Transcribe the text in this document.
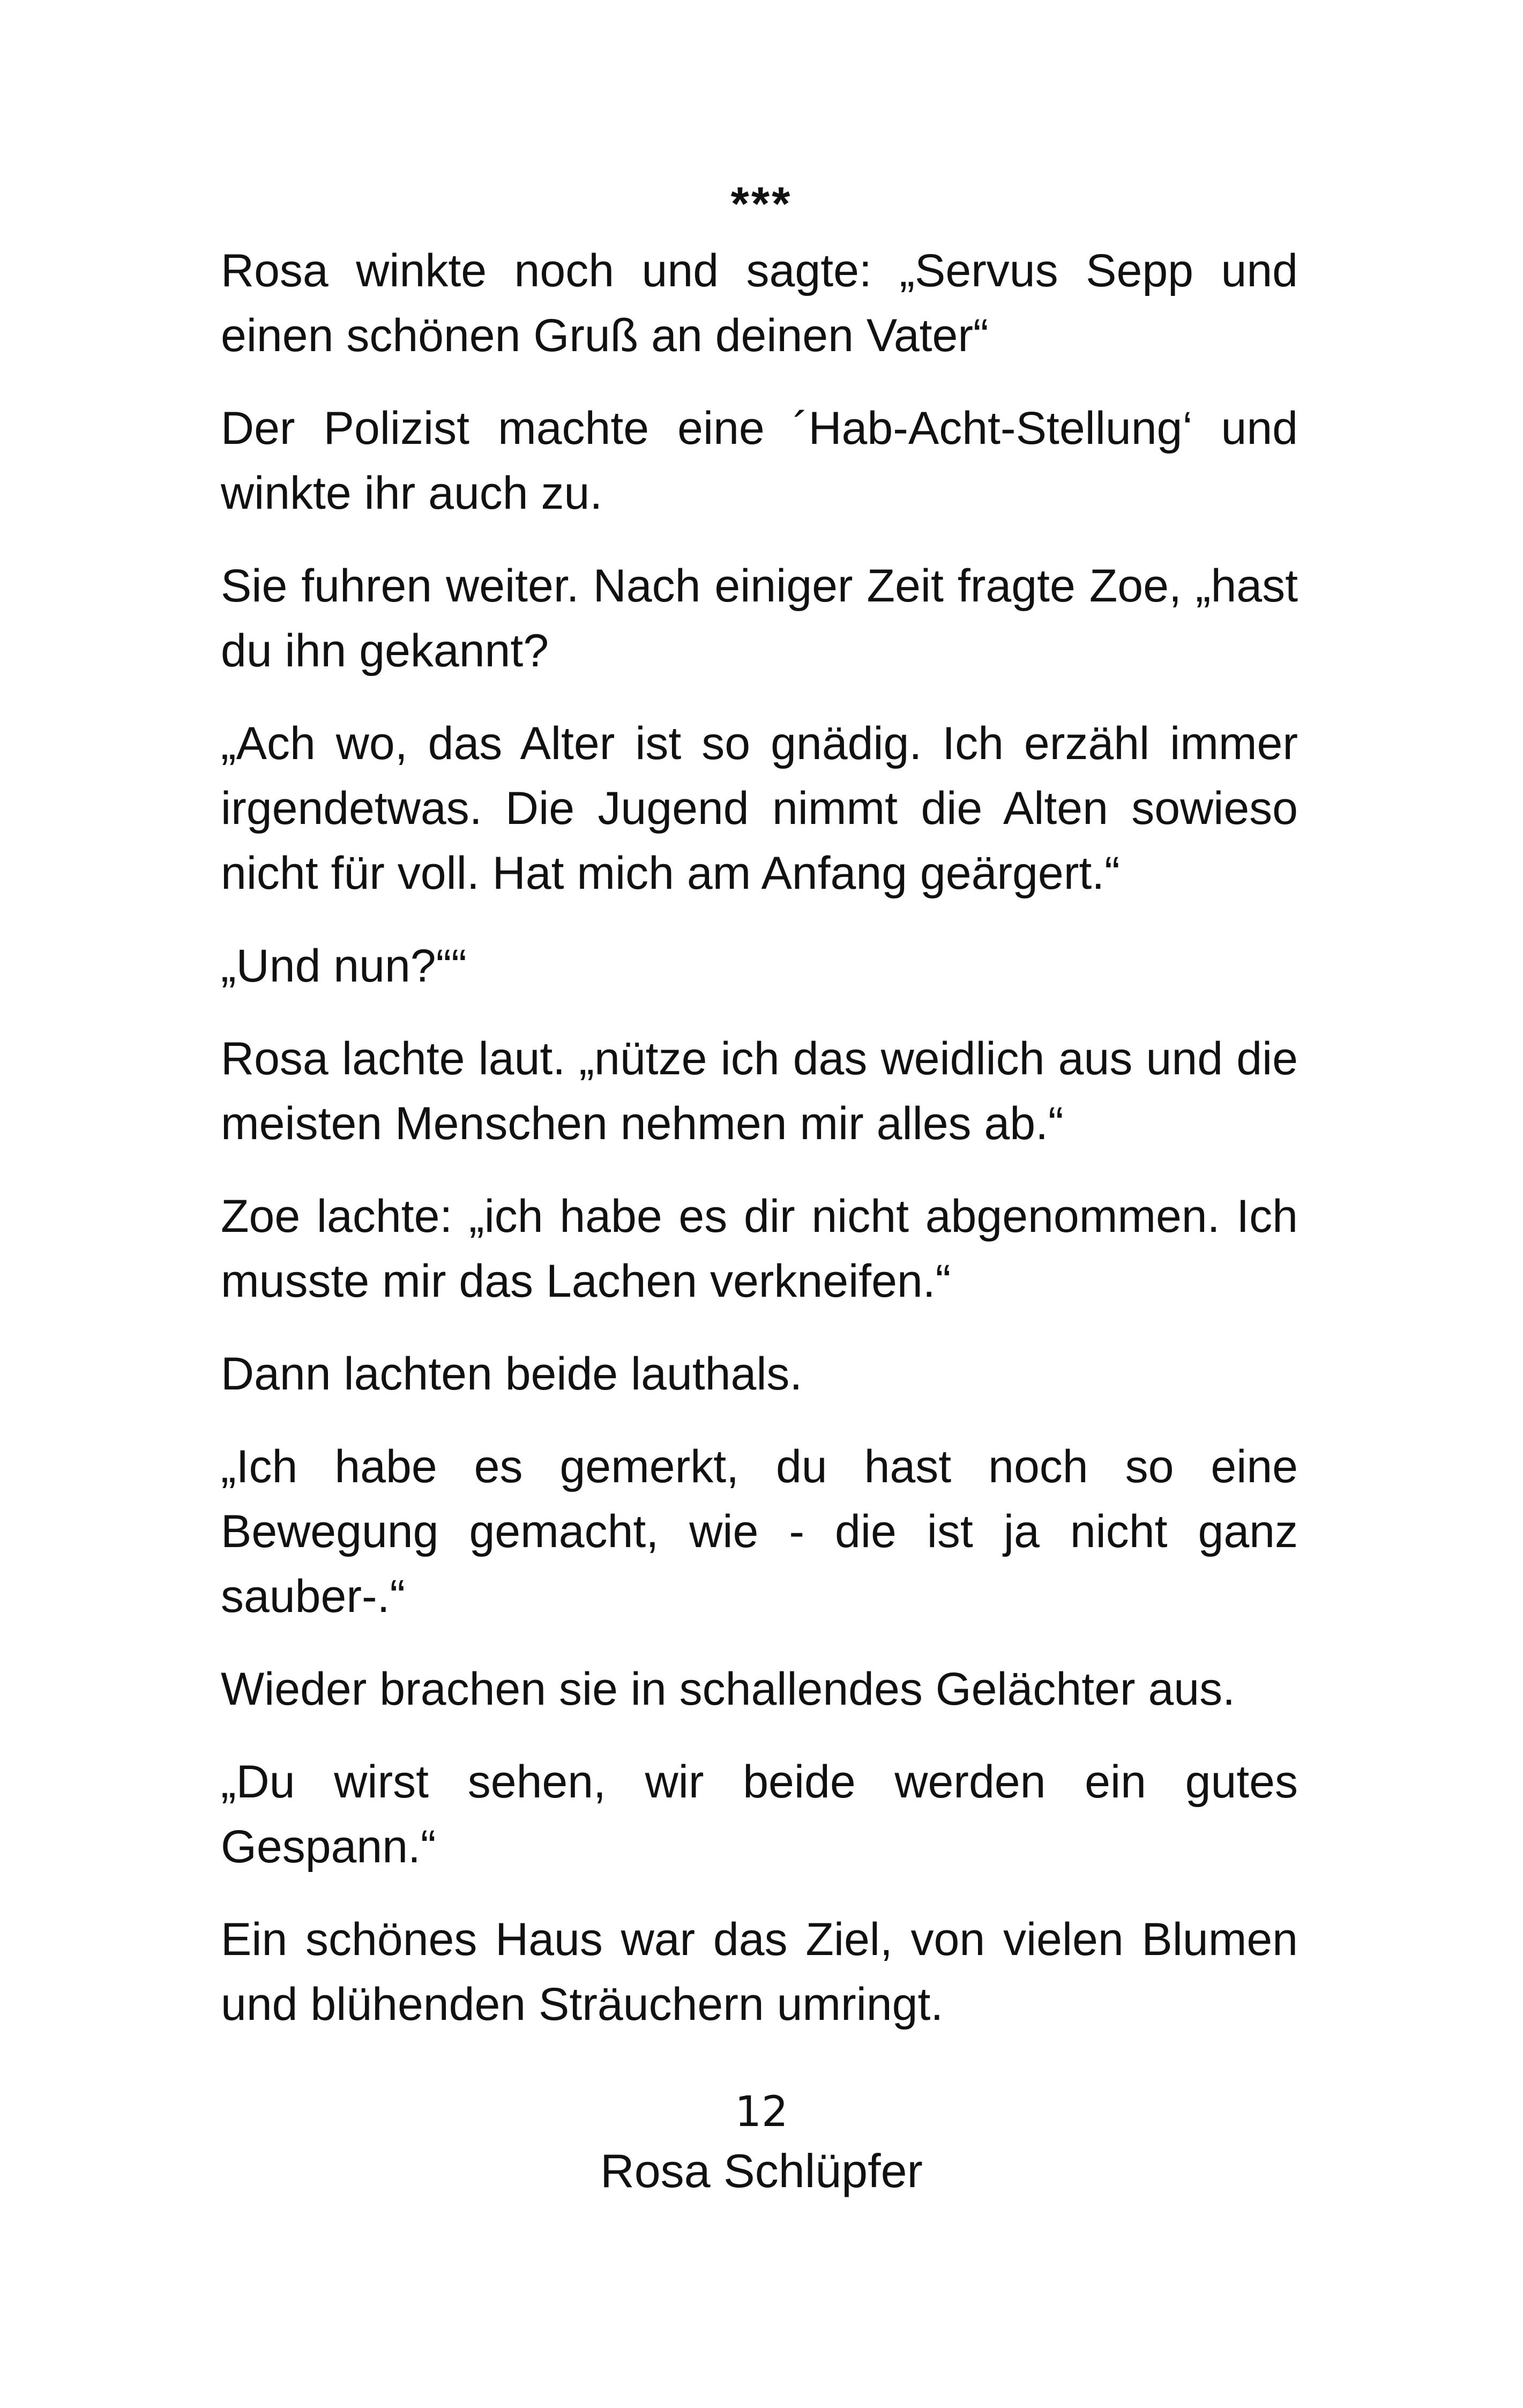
***

Rosa winkte noch und sagte: „Servus Sepp und einen schönen Gruß an deinen Vater“

Der Polizist machte eine ´Hab-Acht-Stellung‘ und winkte ihr auch zu.

Sie fuhren weiter. Nach einiger Zeit fragte Zoe, „hast du ihn gekannt?

„Ach wo, das Alter ist so gnädig. Ich erzähl immer irgendetwas. Die Jugend nimmt die Alten sowieso nicht für voll. Hat mich am Anfang geärgert.“

„Und nun?““

Rosa lachte laut. „nütze ich das weidlich aus und die meisten Menschen nehmen mir alles ab.“

Zoe lachte: „ich habe es dir nicht abgenommen. Ich musste mir das Lachen verkneifen.“

Dann lachten beide lauthals.

„Ich habe es gemerkt, du hast noch so eine Bewegung gemacht, wie - die ist ja nicht ganz sauber-.“

Wieder brachen sie in schallendes Gelächter aus.

„Du wirst sehen, wir beide werden ein gutes Gespann.“

Ein schönes Haus war das Ziel, von vielen Blumen und blühenden Sträuchern umringt.

12
Rosa Schlüpfer
